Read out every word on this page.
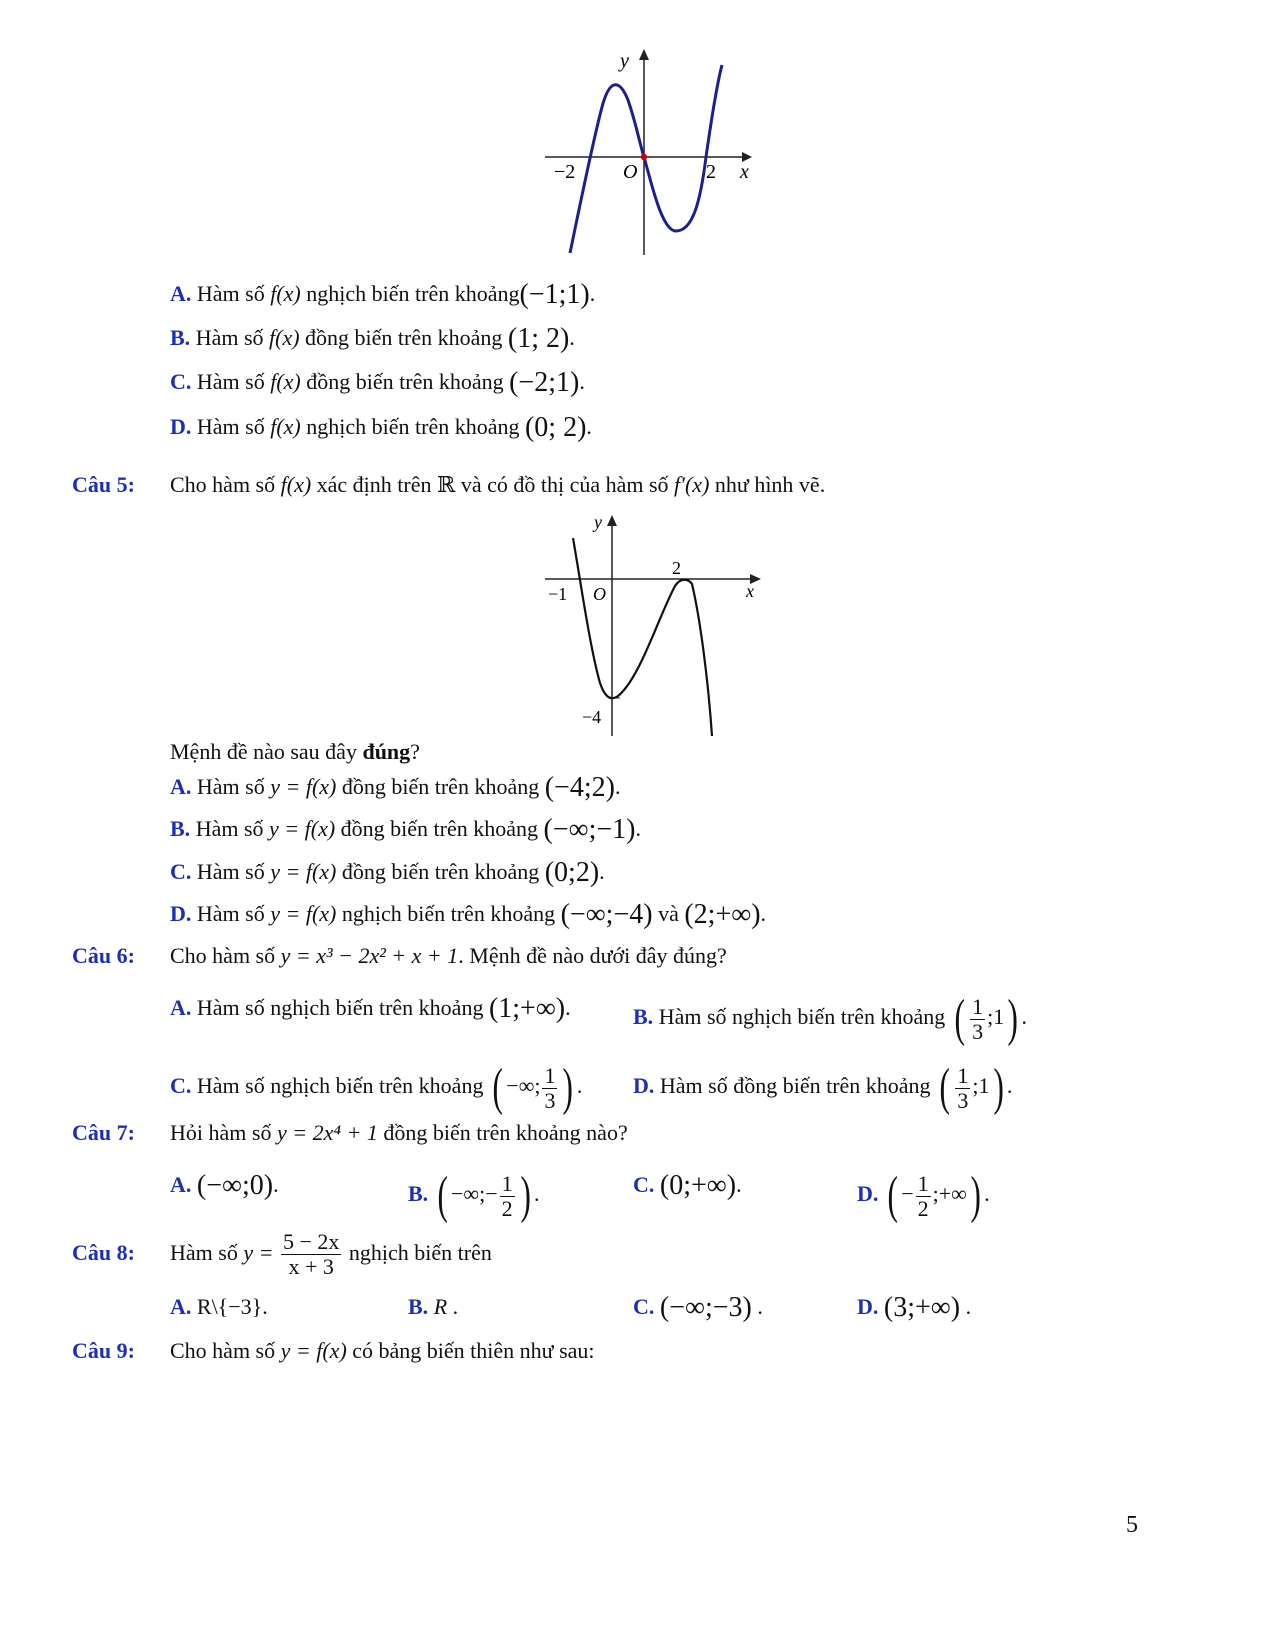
y
x
O
−2	2
A. Hàm số f(x) nghịch biến trên khoảng(−1;1).
B. Hàm số f(x) đồng biến trên khoảng (1; 2).
C. Hàm số f(x) đồng biến trên khoảng (−2;1).
D. Hàm số f(x) nghịch biến trên khoảng (0; 2).
Câu 5: Cho hàm số f(x) xác định trên ℝ và có đồ thị của hàm số f′(x) như hình vẽ.
y
x
O
−1
2
−4
Mệnh đề nào sau đây đúng?
A. Hàm số y = f(x) đồng biến trên khoảng (−4;2).
B. Hàm số y = f(x) đồng biến trên khoảng (−∞;−1).
C. Hàm số y = f(x) đồng biến trên khoảng (0;2).
D. Hàm số y = f(x) nghịch biến trên khoảng (−∞;−4) và (2;+∞).
Câu 6: Cho hàm số y = x³ − 2x² + x + 1. Mệnh đề nào dưới đây đúng?
A. Hàm số nghịch biến trên khoảng (1;+∞).	B. Hàm số nghịch biến trên khoảng ( $\frac{1}{3}$ ;1) .
C. Hàm số nghịch biến trên khoảng ( −∞; $\frac{1}{3}$ ) . D. Hàm số đồng biến trên khoảng ( $\frac{1}{3}$ ;1) .
Câu 7: Hỏi hàm số y = 2x⁴ + 1 đồng biến trên khoảng nào?
A. (−∞;0).	B. ( −∞;− $\frac{1}{2}$ ) .	C. (0;+∞).	D. ( − $\frac{1}{2}$ ;+∞) .
Câu 8: Hàm số $y = \frac{5 - 2x}{x + 3}$ nghịch biến trên
A. R\{−3}.	B. R .	C. (−∞;−3) .	D. (3;+∞) .
Câu 9: Cho hàm số y = f(x) có bảng biến thiên như sau:
5
